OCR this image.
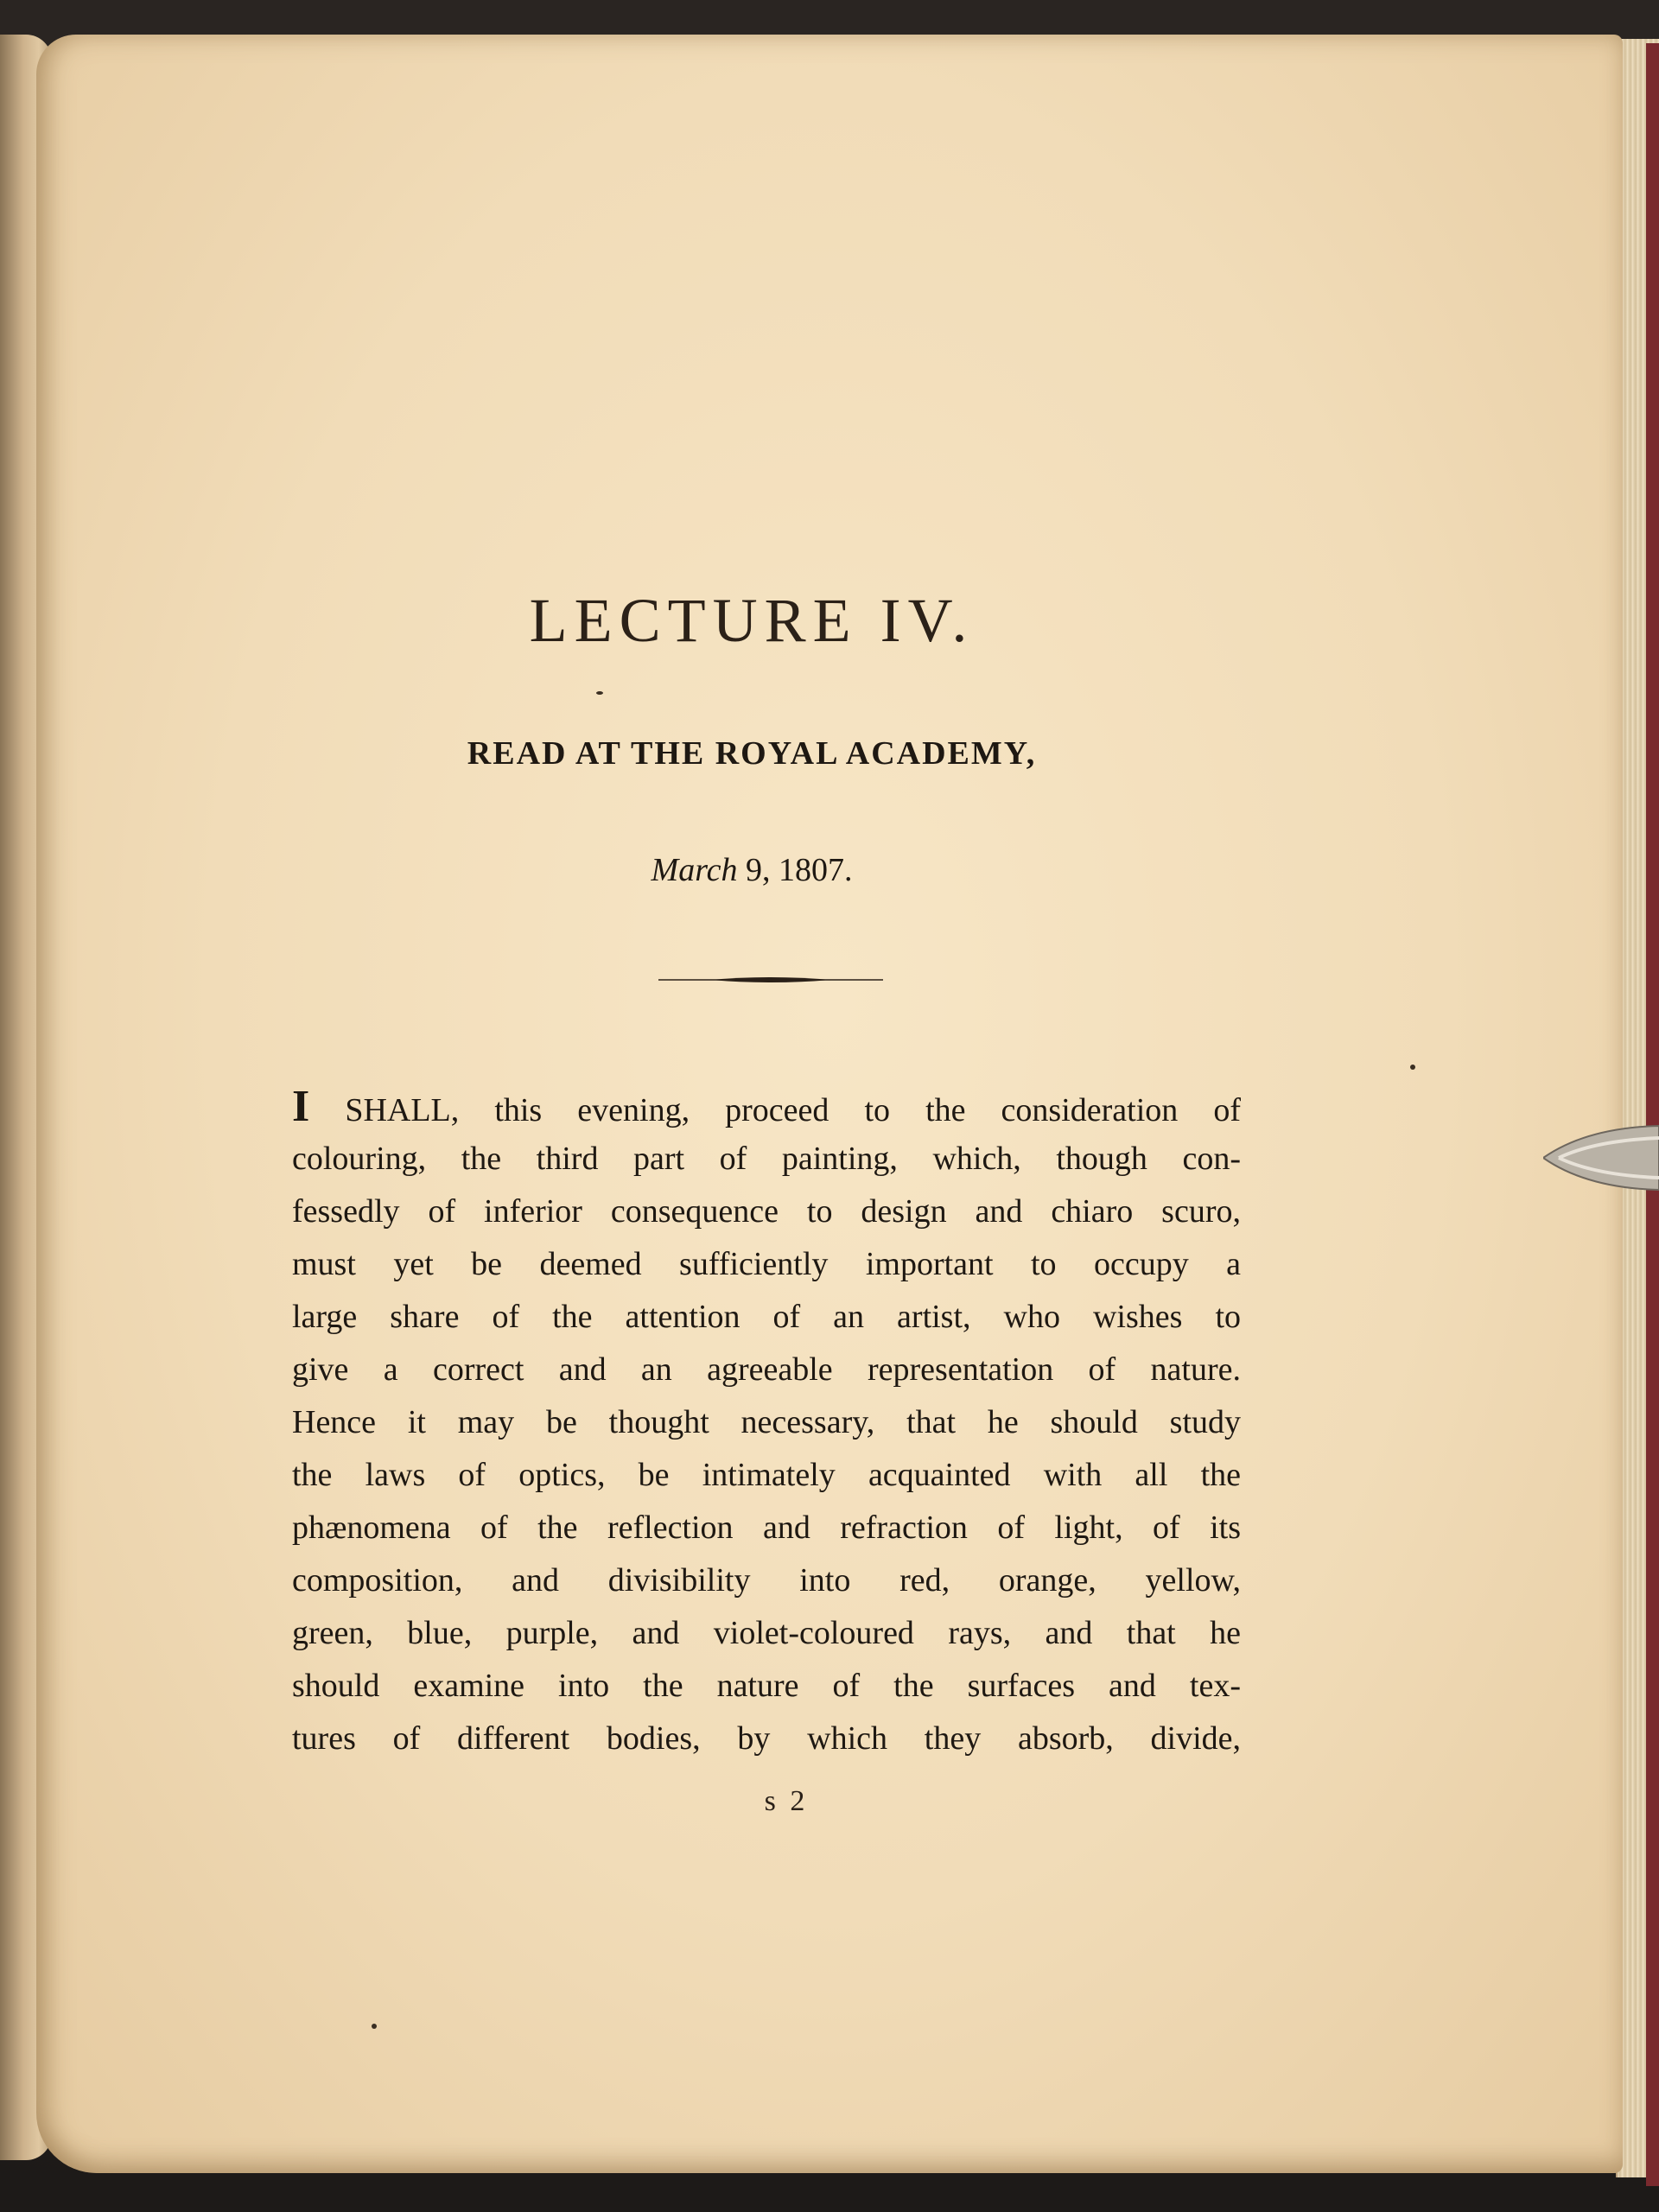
LECTURE IV.
READ AT THE ROYAL ACADEMY,
March 9, 1807.
I SHALL, this evening, proceed to the consideration of
colouring, the third part of painting, which, though con-
fessedly of inferior consequence to design and chiaro scuro,
must yet be deemed sufficiently important to occupy a
large share of the attention of an artist, who wishes to
give a correct and an agreeable representation of nature.
Hence it may be thought necessary, that he should study
the laws of optics, be intimately acquainted with all the
phænomena of the reflection and refraction of light, of its
composition, and divisibility into red, orange, yellow,
green, blue, purple, and violet-coloured rays, and that he
should examine into the nature of the surfaces and tex-
tures of different bodies, by which they absorb, divide,
s 2
